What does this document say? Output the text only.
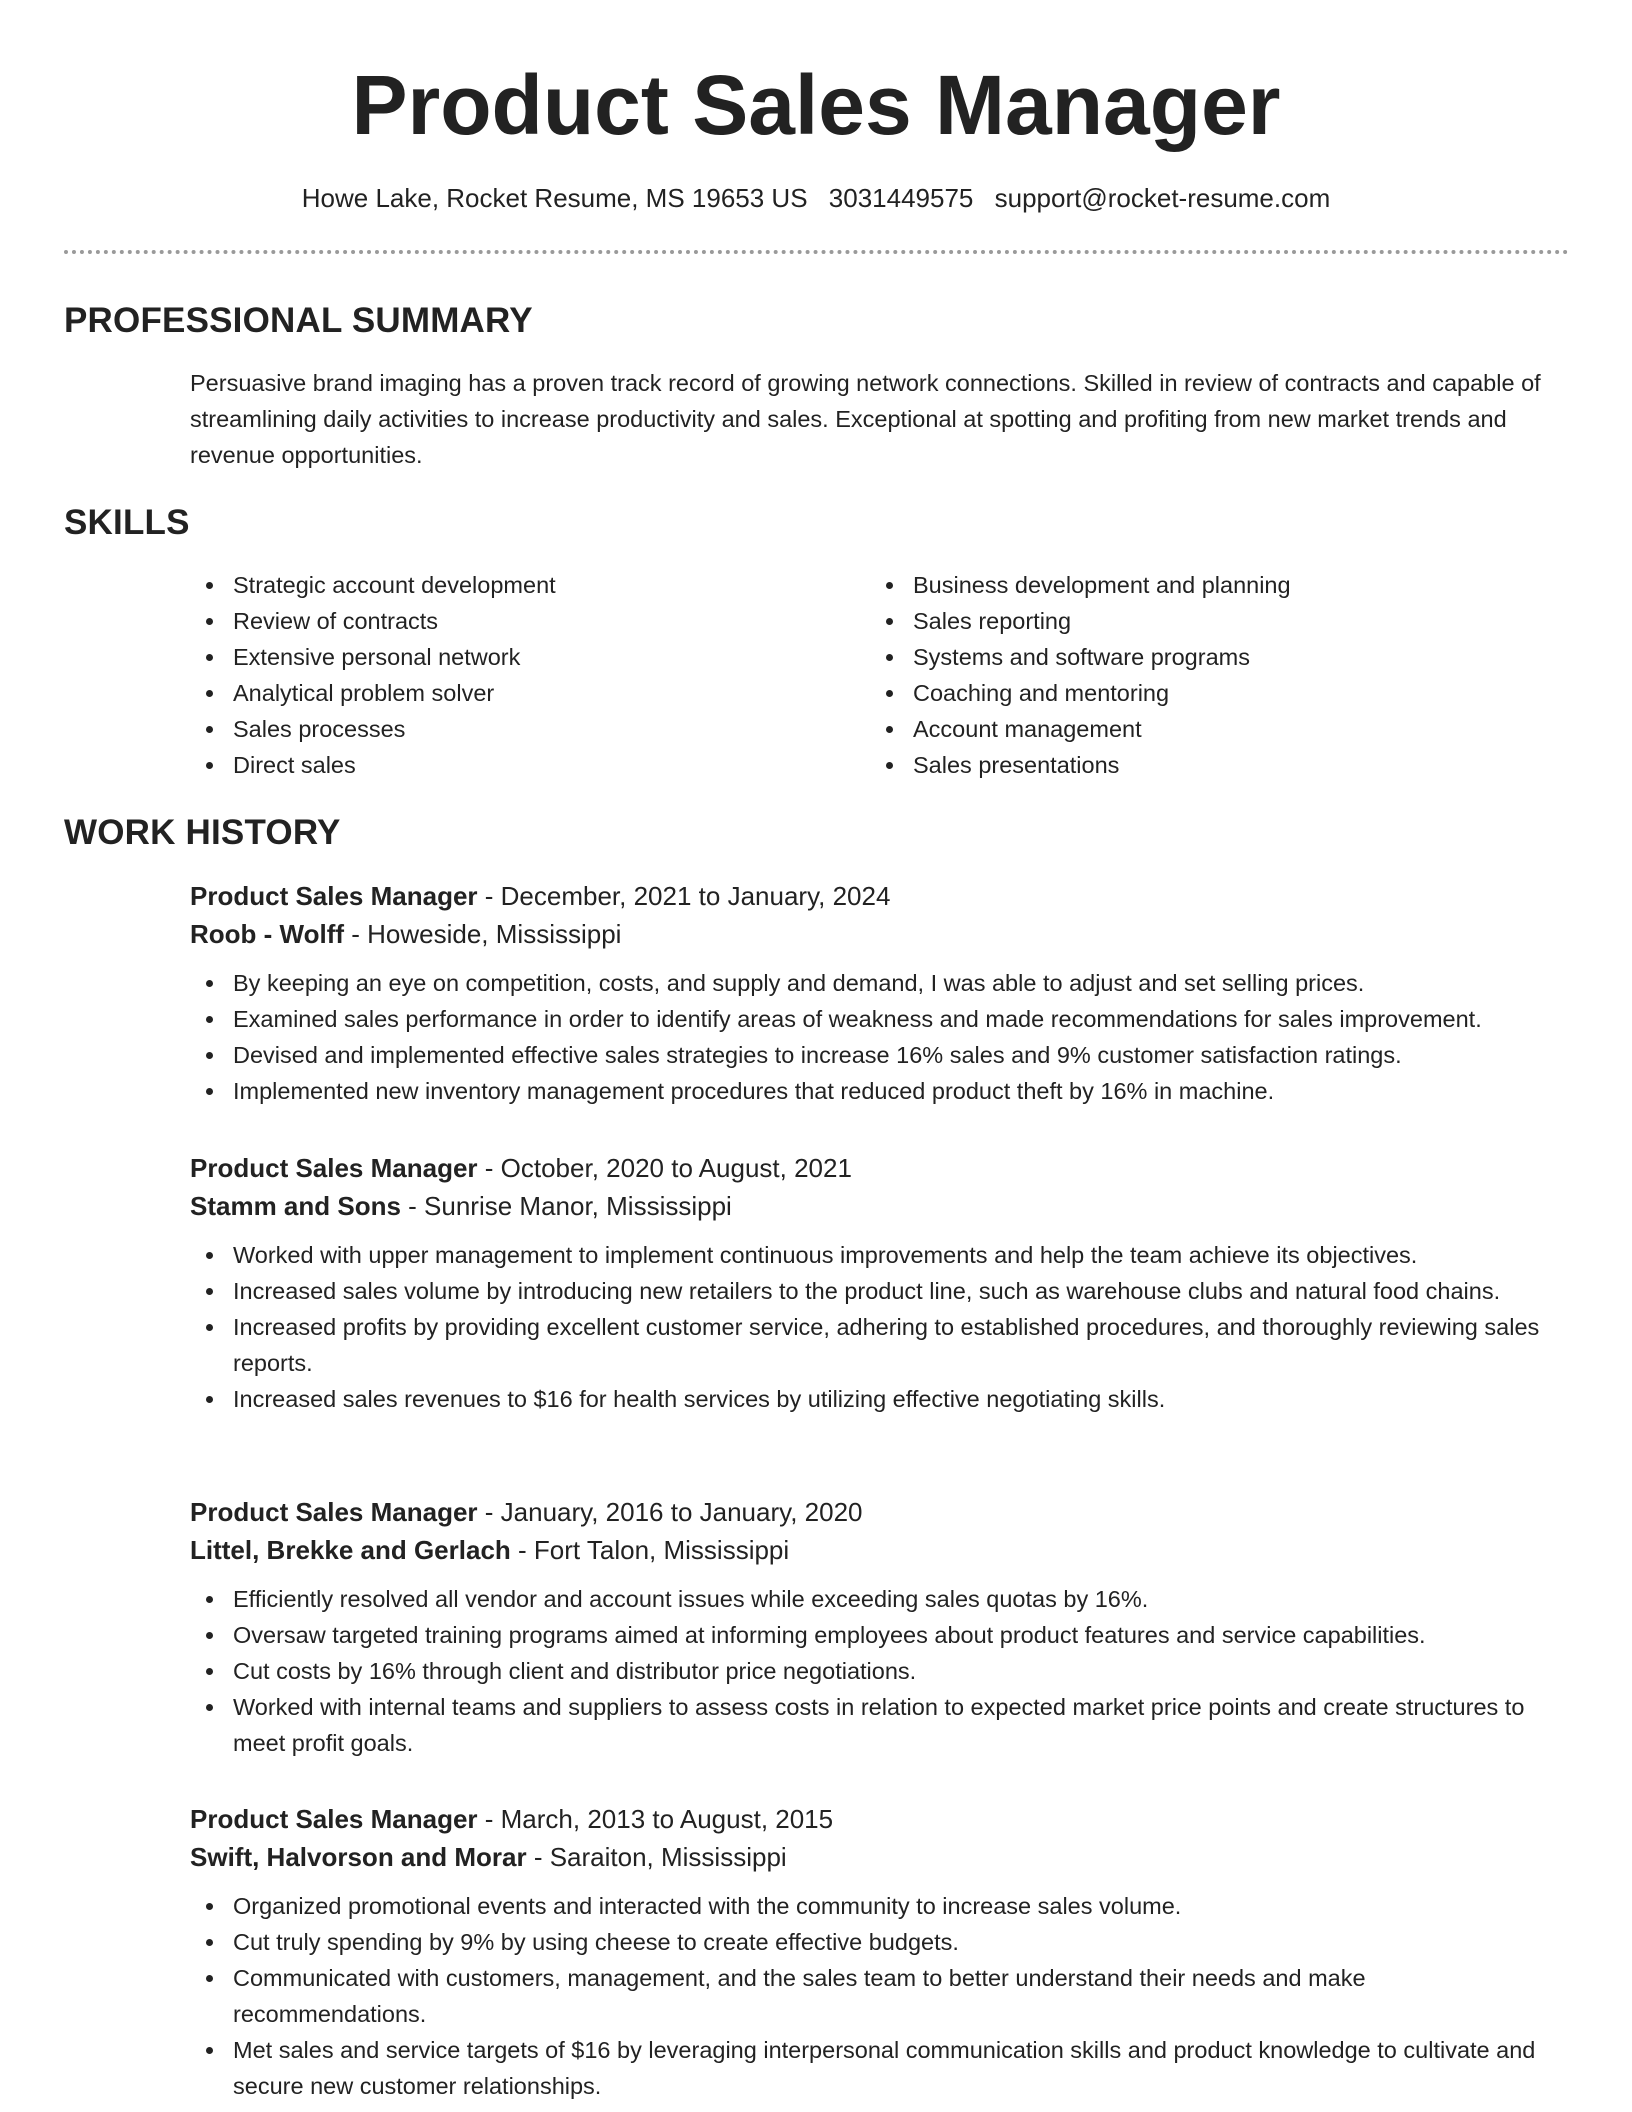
Product Sales Manager
Howe Lake, Rocket Resume, MS 19653 US 3031449575 support@rocket-resume.com
PROFESSIONAL SUMMARY

Persuasive brand imaging has a proven track record of growing network connections. Skilled in review of contracts and capable of streamlining daily activities to increase productivity and sales. Exceptional at spotting and profiting from new market trends and revenue opportunities.

SKILLS
Strategic account development
Review of contracts
Extensive personal network
Analytical problem solver
Sales processes
Direct sales
Business development and planning
Sales reporting
Systems and software programs
Coaching and mentoring
Account management
Sales presentations
WORK HISTORY
Product Sales Manager - December, 2021 to January, 2024
Roob - Wolff - Howeside, Mississippi
By keeping an eye on competition, costs, and supply and demand, I was able to adjust and set selling prices.
Examined sales performance in order to identify areas of weakness and made recommendations for sales improvement.
Devised and implemented effective sales strategies to increase 16% sales and 9% customer satisfaction ratings.
Implemented new inventory management procedures that reduced product theft by 16% in machine.
Product Sales Manager - October, 2020 to August, 2021
Stamm and Sons - Sunrise Manor, Mississippi
Worked with upper management to implement continuous improvements and help the team achieve its objectives.
Increased sales volume by introducing new retailers to the product line, such as warehouse clubs and natural food chains.
Increased profits by providing excellent customer service, adhering to established procedures, and thoroughly reviewing sales reports.
Increased sales revenues to $16 for health services by utilizing effective negotiating skills.
Product Sales Manager - January, 2016 to January, 2020
Littel, Brekke and Gerlach - Fort Talon, Mississippi
Efficiently resolved all vendor and account issues while exceeding sales quotas by 16%.
Oversaw targeted training programs aimed at informing employees about product features and service capabilities.
Cut costs by 16% through client and distributor price negotiations.
Worked with internal teams and suppliers to assess costs in relation to expected market price points and create structures to meet profit goals.
Product Sales Manager - March, 2013 to August, 2015
Swift, Halvorson and Morar - Saraiton, Mississippi
Organized promotional events and interacted with the community to increase sales volume.
Cut truly spending by 9% by using cheese to create effective budgets.
Communicated with customers, management, and the sales team to better understand their needs and make recommendations.
Met sales and service targets of $16 by leveraging interpersonal communication skills and product knowledge to cultivate and secure new customer relationships.
